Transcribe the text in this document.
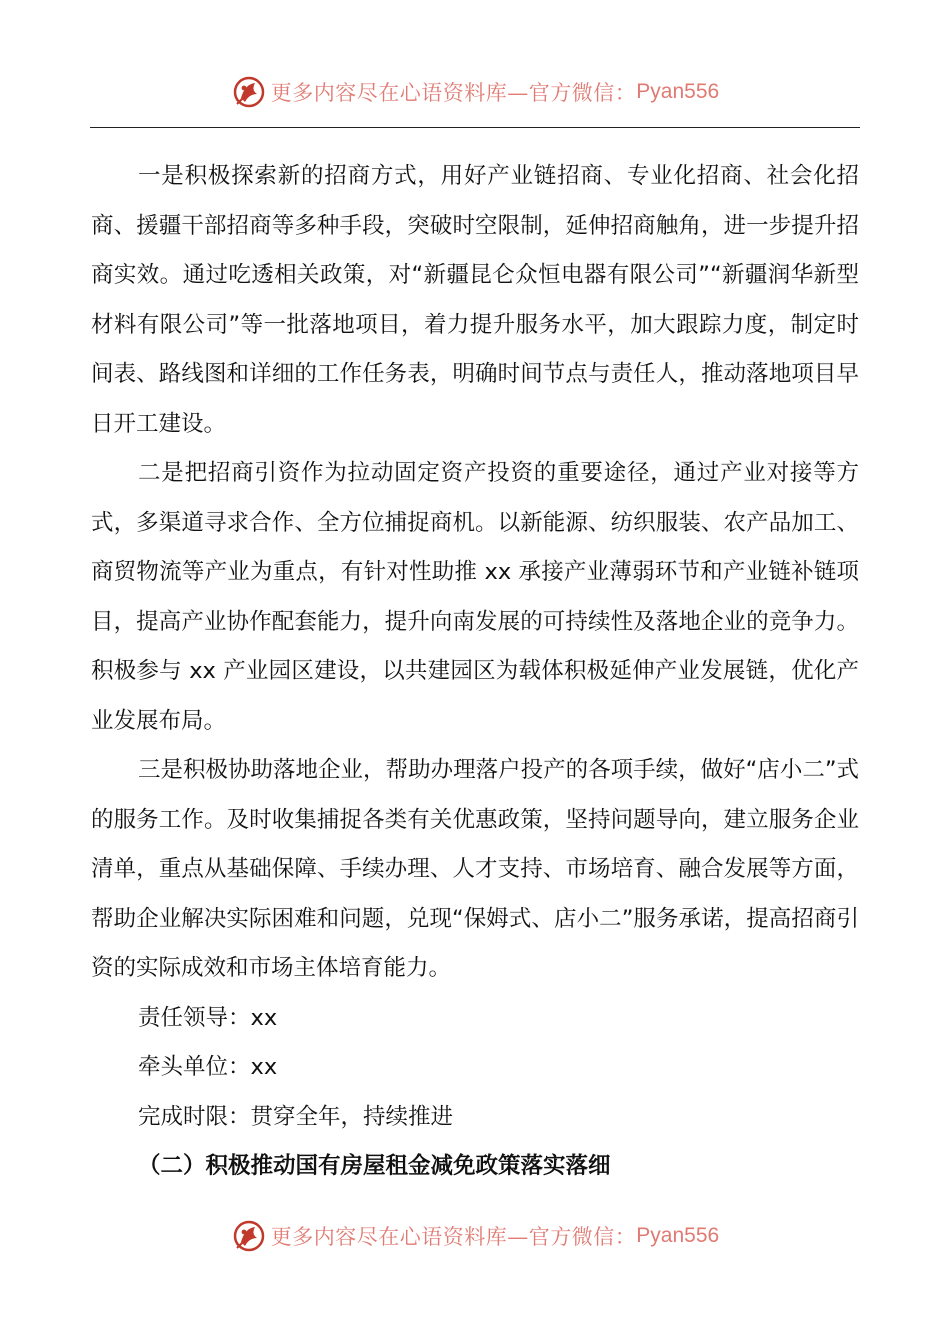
更多内容尽在心语资料库—官方微信： Pyan556

一是积极探索新的招商方式，用好产业链招商、专业化招商、社会化招商、援疆干部招商等多种手段，突破时空限制，延伸招商触角，进一步提升招商实效。通过吃透相关政策，对“新疆昆仑众恒电器有限公司”“新疆润华新型材料有限公司”等一批落地项目，着力提升服务水平，加大跟踪力度，制定时间表、路线图和详细的工作任务表，明确时间节点与责任人，推动落地项目早日开工建设。

二是把招商引资作为拉动固定资产投资的重要途径，通过产业对接等方式，多渠道寻求合作、全方位捕捉商机。以新能源、纺织服装、农产品加工、商贸物流等产业为重点，有针对性助推 xx 承接产业薄弱环节和产业链补链项目，提高产业协作配套能力，提升向南发展的可持续性及落地企业的竞争力。积极参与 xx 产业园区建设，以共建园区为载体积极延伸产业发展链，优化产业发展布局。

三是积极协助落地企业，帮助办理落户投产的各项手续，做好“店小二”式的服务工作。及时收集捕捉各类有关优惠政策，坚持问题导向，建立服务企业清单，重点从基础保障、手续办理、人才支持、市场培育、融合发展等方面，帮助企业解决实际困难和问题，兑现“保姆式、店小二”服务承诺，提高招商引资的实际成效和市场主体培育能力。

责任领导：xx

牵头单位：xx

完成时限：贯穿全年，持续推进

（二）积极推动国有房屋租金减免政策落实落细

更多内容尽在心语资料库—官方微信： Pyan556
